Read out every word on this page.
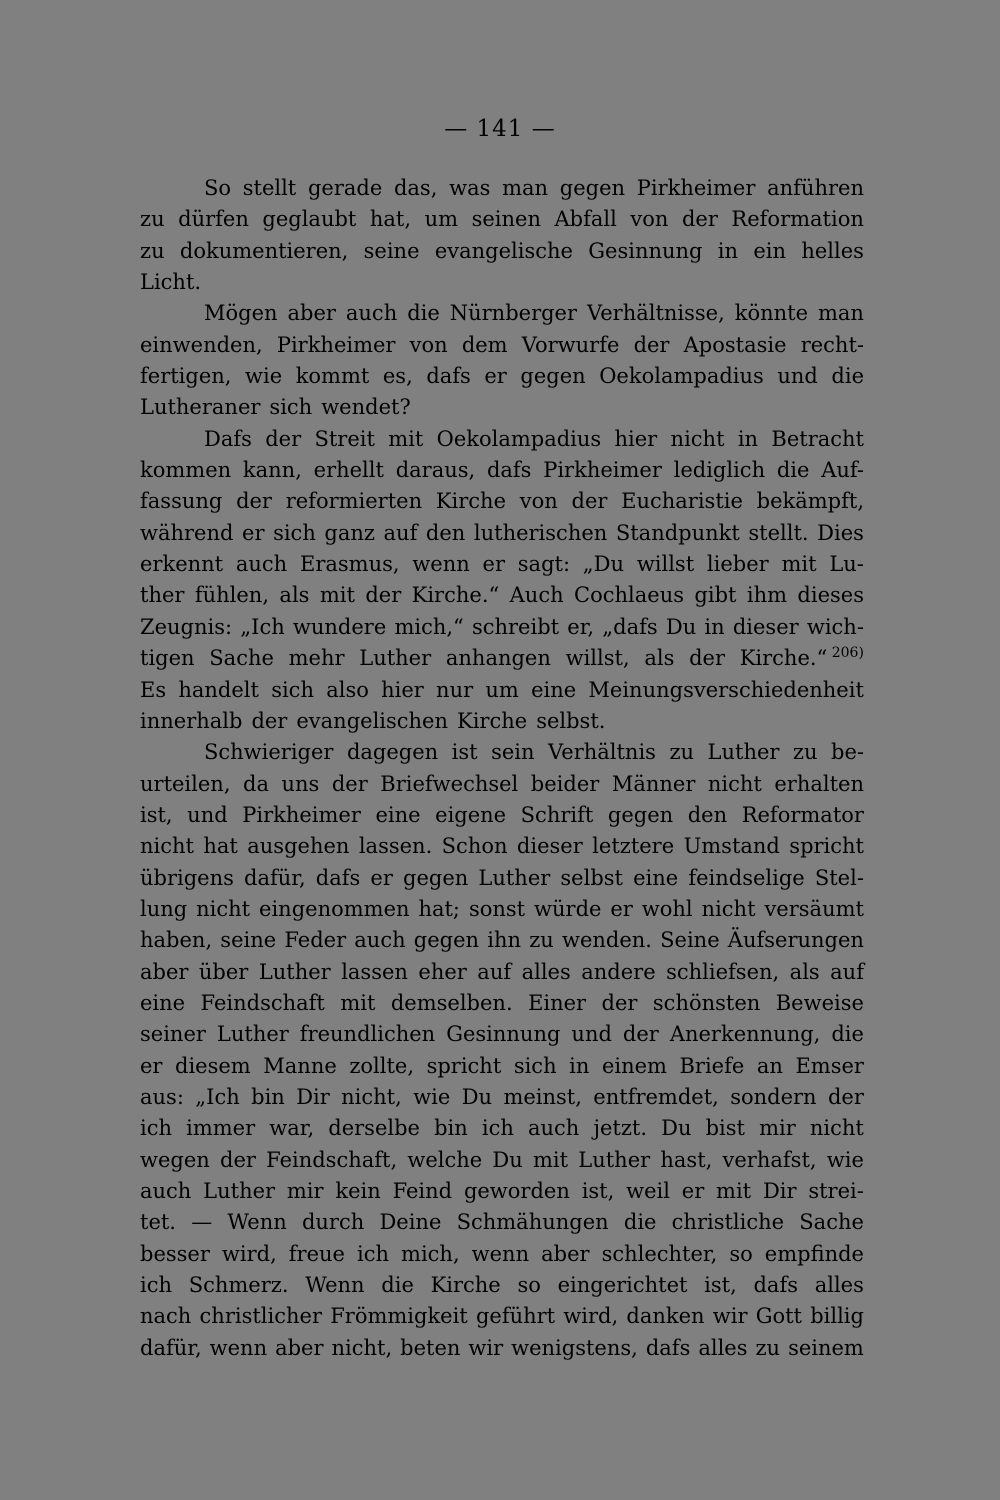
— 141 —
So stellt gerade das, was man gegen Pirkheimer anführen
zu dürfen geglaubt hat, um seinen Abfall von der Reformation
zu dokumentieren, seine evangelische Gesinnung in ein helles
Licht.
Mögen aber auch die Nürnberger Verhältnisse, könnte man
einwenden, Pirkheimer von dem Vorwurfe der Apostasie recht-
fertigen, wie kommt es, dafs er gegen Oekolampadius und die
Lutheraner sich wendet?
Dafs der Streit mit Oekolampadius hier nicht in Betracht
kommen kann, erhellt daraus, dafs Pirkheimer lediglich die Auf-
fassung der reformierten Kirche von der Eucharistie bekämpft,
während er sich ganz auf den lutherischen Standpunkt stellt. Dies
erkennt auch Erasmus, wenn er sagt: „Du willst lieber mit Lu-
ther fühlen, als mit der Kirche.“ Auch Cochlaeus gibt ihm dieses
Zeugnis: „Ich wundere mich,“ schreibt er, „dafs Du in dieser wich-
tigen Sache mehr Luther anhangen willst, als der Kirche.“ $^{206)}$
Es handelt sich also hier nur um eine Meinungsverschiedenheit
innerhalb der evangelischen Kirche selbst.
Schwieriger dagegen ist sein Verhältnis zu Luther zu be-
urteilen, da uns der Briefwechsel beider Männer nicht erhalten
ist, und Pirkheimer eine eigene Schrift gegen den Reformator
nicht hat ausgehen lassen. Schon dieser letztere Umstand spricht
übrigens dafür, dafs er gegen Luther selbst eine feindselige Stel-
lung nicht eingenommen hat; sonst würde er wohl nicht versäumt
haben, seine Feder auch gegen ihn zu wenden. Seine Äufserungen
aber über Luther lassen eher auf alles andere schliefsen, als auf
eine Feindschaft mit demselben. Einer der schönsten Beweise
seiner Luther freundlichen Gesinnung und der Anerkennung, die
er diesem Manne zollte, spricht sich in einem Briefe an Emser
aus: „Ich bin Dir nicht, wie Du meinst, entfremdet, sondern der
ich immer war, derselbe bin ich auch jetzt. Du bist mir nicht
wegen der Feindschaft, welche Du mit Luther hast, verhafst, wie
auch Luther mir kein Feind geworden ist, weil er mit Dir strei-
tet. — Wenn durch Deine Schmähungen die christliche Sache
besser wird, freue ich mich, wenn aber schlechter, so empfinde
ich Schmerz. Wenn die Kirche so eingerichtet ist, dafs alles
nach christlicher Frömmigkeit geführt wird, danken wir Gott billig
dafür, wenn aber nicht, beten wir wenigstens, dafs alles zu seinem
